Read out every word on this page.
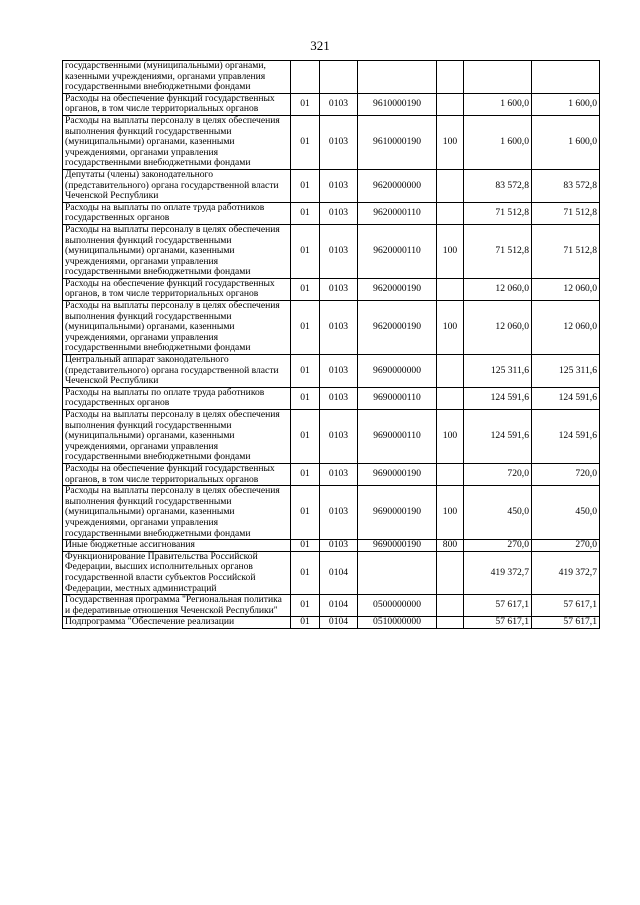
321
государственными (муниципальными) органами, казенными учреждениями, органами управления государственными внебюджетными фондами						
Расходы на обеспечение функций государственных органов, в том числе территориальных органов	01	0103	9610000190		1 600,0	1 600,0
Расходы на выплаты персоналу в целях обеспечения выполнения функций государственными (муниципальными) органами, казенными учреждениями, органами управления государственными внебюджетными фондами	01	0103	9610000190	100	1 600,0	1 600,0
Депутаты (члены) законодательного (представительного) органа государственной власти Чеченской Республики	01	0103	9620000000		83 572,8	83 572,8
Расходы на выплаты по оплате труда работников государственных органов	01	0103	9620000110		71 512,8	71 512,8
Расходы на выплаты персоналу в целях обеспечения выполнения функций государственными (муниципальными) органами, казенными учреждениями, органами управления государственными внебюджетными фондами	01	0103	9620000110	100	71 512,8	71 512,8
Расходы на обеспечение функций государственных органов, в том числе территориальных органов	01	0103	9620000190		12 060,0	12 060,0
Расходы на выплаты персоналу в целях обеспечения выполнения функций государственными (муниципальными) органами, казенными учреждениями, органами управления государственными внебюджетными фондами	01	0103	9620000190	100	12 060,0	12 060,0
Центральный аппарат законодательного (представительного) органа государственной власти Чеченской Республики	01	0103	9690000000		125 311,6	125 311,6
Расходы на выплаты по оплате труда работников государственных органов	01	0103	9690000110		124 591,6	124 591,6
Расходы на выплаты персоналу в целях обеспечения выполнения функций государственными (муниципальными) органами, казенными учреждениями, органами управления государственными внебюджетными фондами	01	0103	9690000110	100	124 591,6	124 591,6
Расходы на обеспечение функций государственных органов, в том числе территориальных органов	01	0103	9690000190		720,0	720,0
Расходы на выплаты персоналу в целях обеспечения выполнения функций государственными (муниципальными) органами, казенными учреждениями, органами управления государственными внебюджетными фондами	01	0103	9690000190	100	450,0	450,0
Иные бюджетные ассигнования	01	0103	9690000190	800	270,0	270,0
Функционирование Правительства Российской Федерации, высших исполнительных органов государственной власти субъектов Российской Федерации, местных администраций	01	0104			419 372,7	419 372,7
Государственная программа "Региональная политика и федеративные отношения Чеченской Республики"	01	0104	0500000000		57 617,1	57 617,1
Подпрограмма "Обеспечение реализации	01	0104	0510000000		57 617,1	57 617,1
